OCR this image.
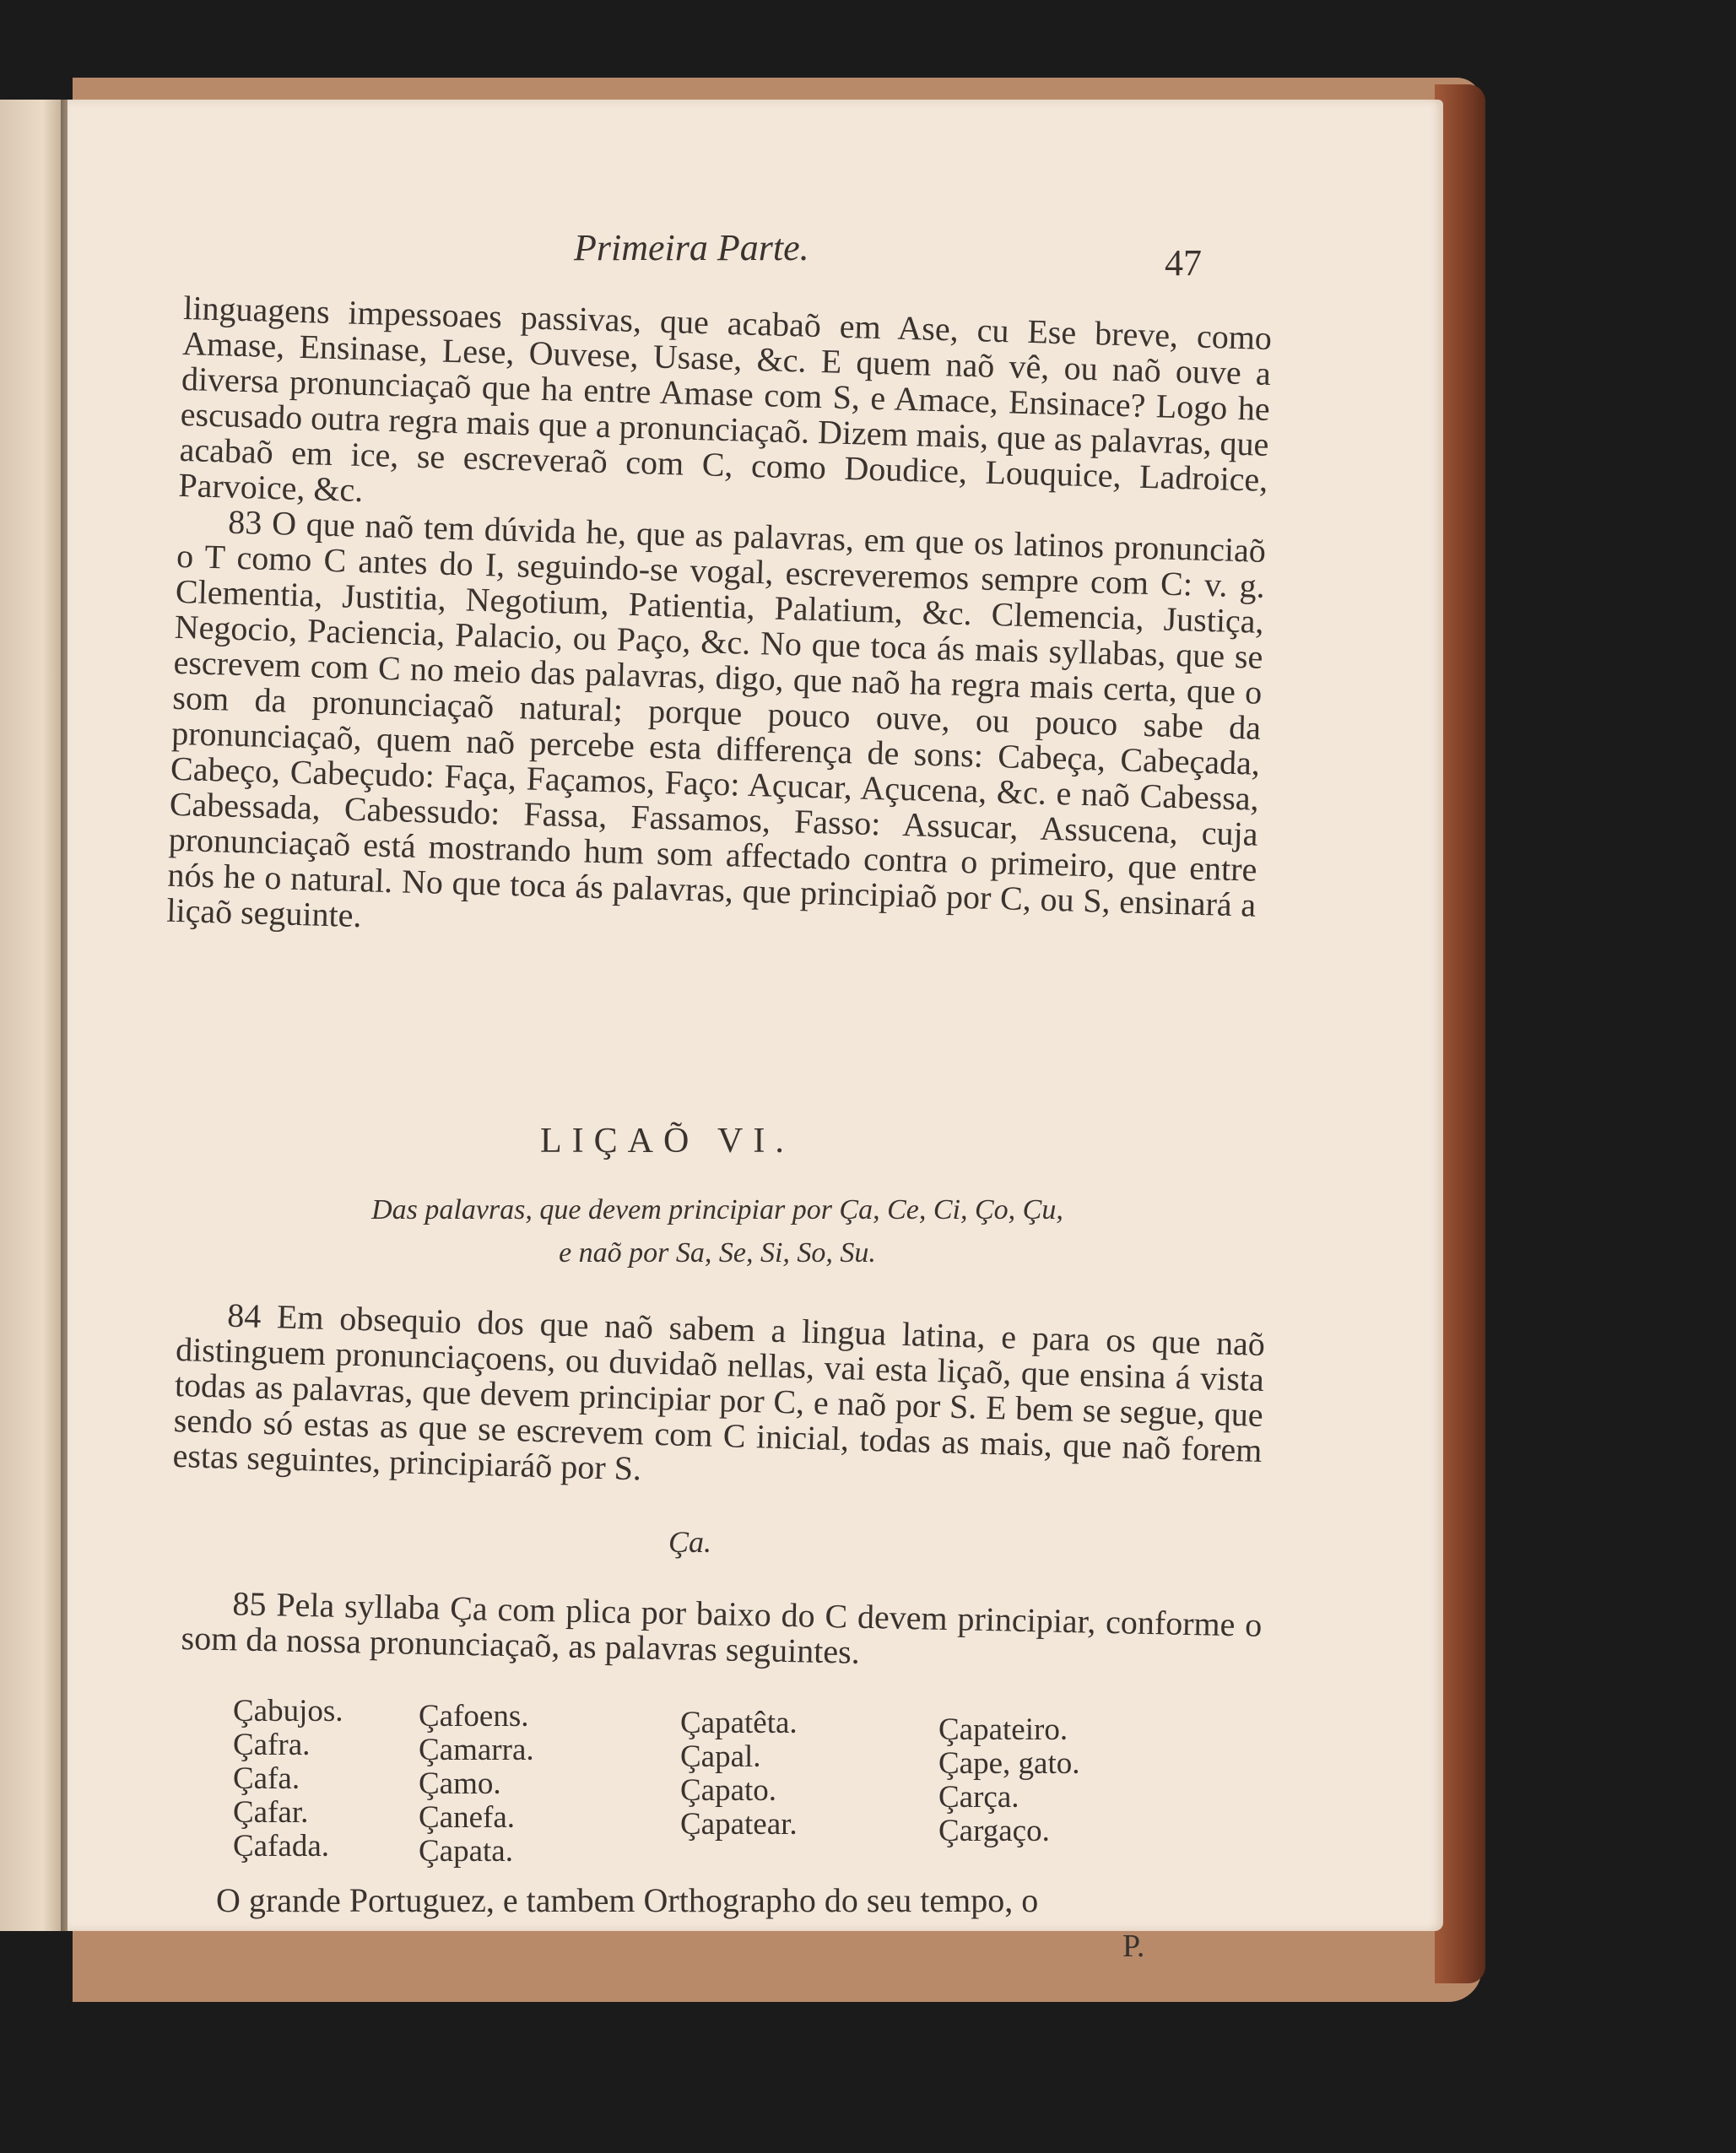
Primeira Parte.	47

linguagens impessoaes passivas, que acabaõ em Ase, cu Ese breve, como Amase, Ensinase, Lese, Ouvese, Usase, &c. E quem naõ vê, ou naõ ouve a diversa pronunciaçaõ que ha entre Amase com S, e Amace, Ensinace? Logo he escusado outra regra mais que a pronunciaçaõ. Dizem mais, que as palavras, que acabaõ em ice, se escreveraõ com C, como Doudice, Louquice, Ladroice, Parvoice, &c.

83 O que naõ tem dúvida he, que as palavras, em que os latinos pronunciaõ o T como C antes do I, seguindo-se vogal, escreveremos sempre com C: v. g. Clementia, Justitia, Negotium, Patientia, Palatium, &c. Clemencia, Justiça, Negocio, Paciencia, Palacio, ou Paço, &c. No que toca ás mais syllabas, que se escrevem com C no meio das palavras, digo, que naõ ha regra mais certa, que o som da pronunciaçaõ natural; porque pouco ouve, ou pouco sabe da pronunciaçaõ, quem naõ percebe esta differença de sons: Cabeça, Cabeçada, Cabeço, Cabeçudo: Faça, Façamos, Faço: Açucar, Açucena, &c. e naõ Cabessa, Cabessada, Cabessudo: Fassa, Fassamos, Fasso: Assucar, Assucena, cuja pronunciaçaõ está mostrando hum som affectado contra o primeiro, que entre nós he o natural. No que toca ás palavras, que principiaõ por C, ou S, ensinará a liçaõ seguinte.

LIÇAÕ VI.
Das palavras, que devem principiar por Ça, Ce, Ci, Ço, Çu,
e naõ por Sa, Se, Si, So, Su.

84 Em obsequio dos que naõ sabem a lingua latina, e para os que naõ distinguem pronunciaçoens, ou duvidaõ nellas, vai esta liçaõ, que ensina á vista todas as palavras, que devem principiar por C, e naõ por S. E bem se segue, que sendo só estas as que se escrevem com C inicial, todas as mais, que naõ forem estas seguintes, principiaráõ por S.

Ça.

85 Pela syllaba Ça com plica por baixo do C devem principiar, conforme o som da nossa pronunciaçaõ, as palavras seguintes.

Çabujos.
Çafra.
Çafa.
Çafar.
Çafada.
Çafoens.
Çamarra.
Çamo.
Çanefa.
Çapata.
Çapatêta.
Çapal.
Çapato.
Çapatear.
Çapateiro.
Çape, gato.
Çarça.
Çargaço.
O grande Portuguez, e tambem Orthographo do seu tempo, o
P.
